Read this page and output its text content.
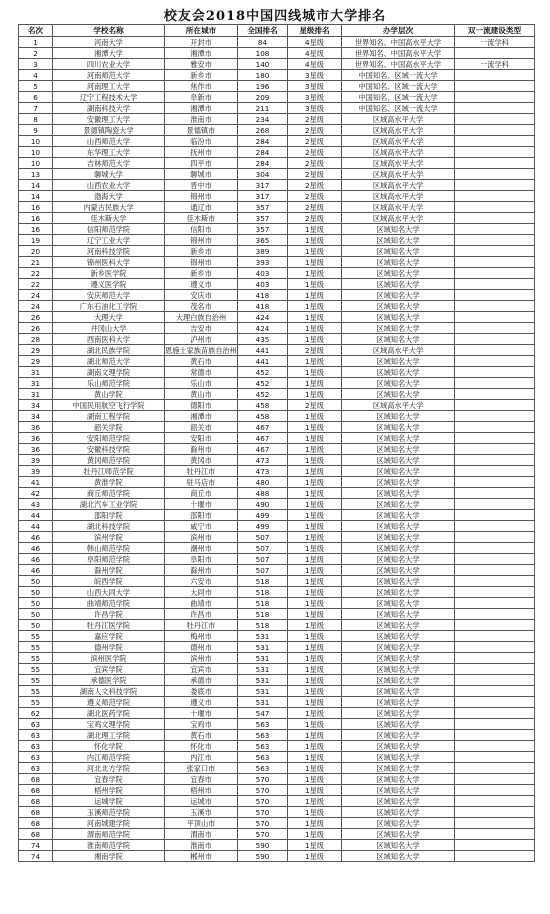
校友会2018中国四线城市大学排名
名次	学校名称	所在城市	全国排名	星级排名	办学层次	双一流建设类型
1	河南大学	开封市	84	4星级	世界知名、中国高水平大学	一流学科
2	湘潭大学	湘潭市	108	4星级	世界知名、中国高水平大学	
3	四川农业大学	雅安市	140	4星级	世界知名、中国高水平大学	一流学科
4	河南师范大学	新乡市	180	3星级	中国知名、区域一流大学	
5	河南理工大学	焦作市	196	3星级	中国知名、区域一流大学	
6	辽宁工程技术大学	阜新市	209	3星级	中国知名、区域一流大学	
7	湖南科技大学	湘潭市	211	3星级	中国知名、区域一流大学	
8	安徽理工大学	淮南市	234	2星级	区域高水平大学	
9	景德镇陶瓷大学	景德镇市	268	2星级	区域高水平大学	
10	山西师范大学	临汾市	284	2星级	区域高水平大学	
10	东华理工大学	抚州市	284	2星级	区域高水平大学	
10	吉林师范大学	四平市	284	2星级	区域高水平大学	
13	聊城大学	聊城市	304	2星级	区域高水平大学	
14	山西农业大学	晋中市	317	2星级	区域高水平大学	
14	渤海大学	锦州市	317	2星级	区域高水平大学	
16	内蒙古民族大学	通辽市	357	2星级	区域高水平大学	
16	佳木斯大学	佳木斯市	357	2星级	区域高水平大学	
16	信阳师范学院	信阳市	357	1星级	区域知名大学	
19	辽宁工业大学	锦州市	365	1星级	区域知名大学	
20	河南科技学院	新乡市	389	1星级	区域知名大学	
21	锦州医科大学	锦州市	393	1星级	区域知名大学	
22	新乡医学院	新乡市	403	1星级	区域知名大学	
22	遵义医学院	遵义市	403	1星级	区域知名大学	
24	安庆师范大学	安庆市	418	1星级	区域知名大学	
24	广东石油化工学院	茂名市	418	1星级	区域知名大学	
26	大理大学	大理白族自治州	424	1星级	区域知名大学	
26	井冈山大学	吉安市	424	1星级	区域知名大学	
28	西南医科大学	泸州市	435	1星级	区域知名大学	
29	湖北民族学院	恩施土家族苗族自治州	441	2星级	区域高水平大学	
29	湖北师范大学	黄石市	441	1星级	区域知名大学	
31	湖南文理学院	常德市	452	1星级	区域知名大学	
31	乐山师范学院	乐山市	452	1星级	区域知名大学	
31	黄山学院	黄山市	452	1星级	区域知名大学	
34	中国民用航空飞行学院	德阳市	458	2星级	区域高水平大学	
34	湖南工程学院	湘潭市	458	1星级	区域知名大学	
36	韶关学院	韶关市	467	1星级	区域知名大学	
36	安阳师范学院	安阳市	467	1星级	区域知名大学	
36	安徽科技学院	滁州市	467	1星级	区域知名大学	
39	黄冈师范学院	黄冈市	473	1星级	区域知名大学	
39	牡丹江师范学院	牡丹江市	473	1星级	区域知名大学	
41	黄淮学院	驻马店市	480	1星级	区域知名大学	
42	商丘师范学院	商丘市	488	1星级	区域知名大学	
43	湖北汽车工业学院	十堰市	490	1星级	区域知名大学	
44	邵阳学院	邵阳市	499	1星级	区域知名大学	
44	湖北科技学院	咸宁市	499	1星级	区域知名大学	
46	滨州学院	滨州市	507	1星级	区域知名大学	
46	韩山师范学院	潮州市	507	1星级	区域知名大学	
46	阜阳师范学院	阜阳市	507	1星级	区域知名大学	
46	滁州学院	滁州市	507	1星级	区域知名大学	
50	皖西学院	六安市	518	1星级	区域知名大学	
50	山西大同大学	大同市	518	1星级	区域知名大学	
50	曲靖师范学院	曲靖市	518	1星级	区域知名大学	
50	许昌学院	许昌市	518	1星级	区域知名大学	
50	牡丹江医学院	牡丹江市	518	1星级	区域知名大学	
55	嘉应学院	梅州市	531	1星级	区域知名大学	
55	德州学院	德州市	531	1星级	区域知名大学	
55	滨州医学院	滨州市	531	1星级	区域知名大学	
55	宜宾学院	宜宾市	531	1星级	区域知名大学	
55	承德医学院	承德市	531	1星级	区域知名大学	
55	湖南人文科技学院	娄底市	531	1星级	区域知名大学	
55	遵义师范学院	遵义市	531	1星级	区域知名大学	
62	湖北医药学院	十堰市	547	1星级	区域知名大学	
63	宝鸡文理学院	宝鸡市	563	1星级	区域知名大学	
63	湖北理工学院	黄石市	563	1星级	区域知名大学	
63	怀化学院	怀化市	563	1星级	区域知名大学	
63	内江师范学院	内江市	563	1星级	区域知名大学	
63	河北北方学院	张家口市	563	1星级	区域知名大学	
68	宜春学院	宜春市	570	1星级	区域知名大学	
68	梧州学院	梧州市	570	1星级	区域知名大学	
68	运城学院	运城市	570	1星级	区域知名大学	
68	玉溪师范学院	玉溪市	570	1星级	区域知名大学	
68	河南城建学院	平顶山市	570	1星级	区域知名大学	
68	渭南师范学院	渭南市	570	1星级	区域知名大学	
74	淮南师范学院	淮南市	590	1星级	区域知名大学	
74	湘南学院	郴州市	590	1星级	区域知名大学	
